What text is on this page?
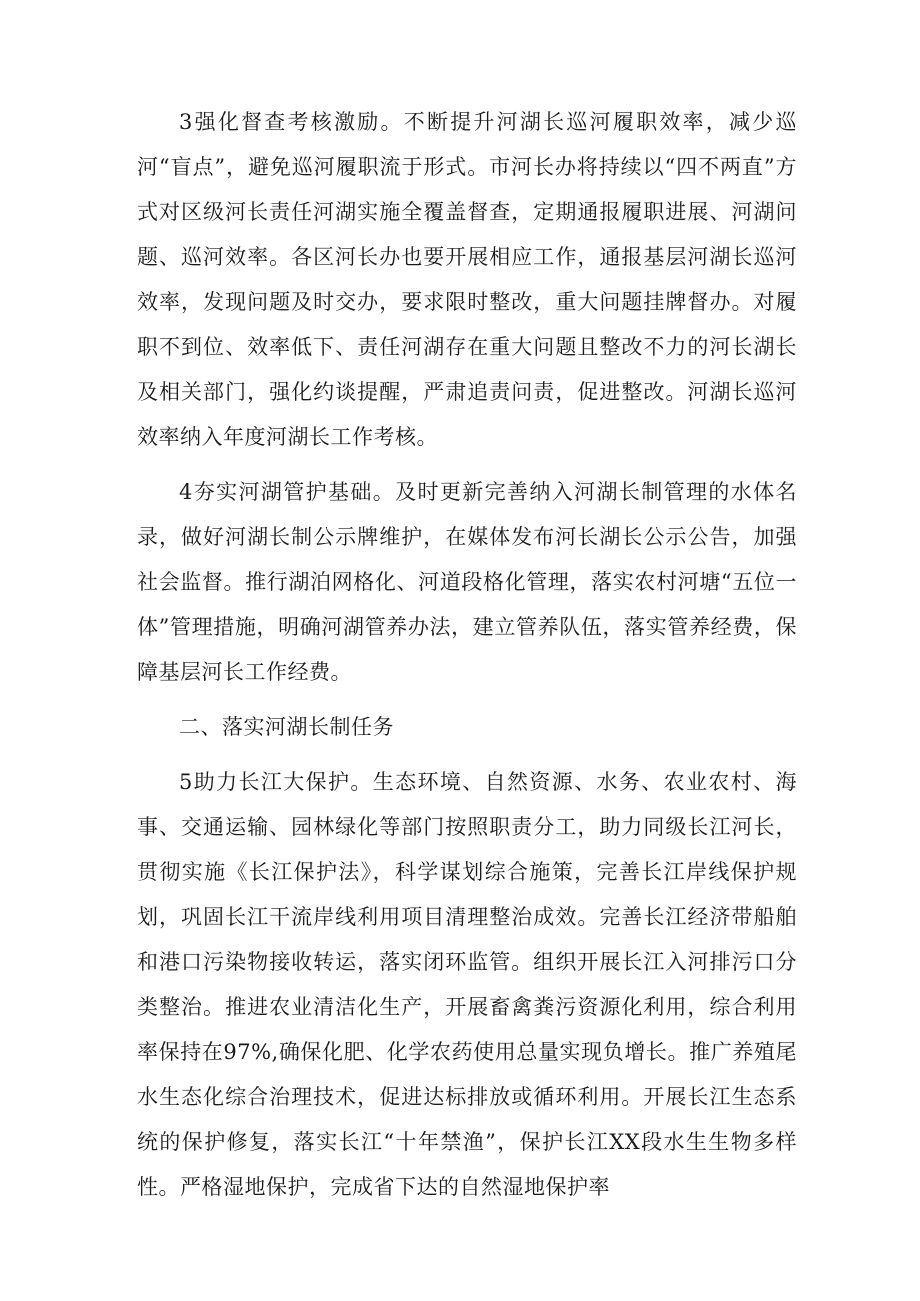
3强化督查考核激励。不断提升河湖长巡河履职效率，减少巡河“盲点”，避免巡河履职流于形式。市河长办将持续以“四不两直”方式对区级河长责任河湖实施全覆盖督查，定期通报履职进展、河湖问题、巡河效率。各区河长办也要开展相应工作，通报基层河湖长巡河效率，发现问题及时交办，要求限时整改，重大问题挂牌督办。对履职不到位、效率低下、责任河湖存在重大问题且整改不力的河长湖长及相关部门，强化约谈提醒，严肃追责问责，促进整改。河湖长巡河效率纳入年度河湖长工作考核。

4夯实河湖管护基础。及时更新完善纳入河湖长制管理的水体名录，做好河湖长制公示牌维护，在媒体发布河长湖长公示公告，加强社会监督。推行湖泊网格化、河道段格化管理，落实农村河塘“五位一体”管理措施，明确河湖管养办法，建立管养队伍，落实管养经费，保障基层河长工作经费。

二、落实河湖长制任务

5助力长江大保护。生态环境、自然资源、水务、农业农村、海事、交通运输、园林绿化等部门按照职责分工，助力同级长江河长，贯彻实施《长江保护法》，科学谋划综合施策，完善长江岸线保护规划，巩固长江干流岸线利用项目清理整治成效。完善长江经济带船舶和港口污染物接收转运，落实闭环监管。组织开展长江入河排污口分类整治。推进农业清洁化生产，开展畜禽粪污资源化利用，综合利用率保持在97%,确保化肥、化学农药使用总量实现负增长。推广养殖尾水生态化综合治理技术，促进达标排放或循环利用。开展长江生态系统的保护修复，落实长江“十年禁渔”，保护长江XX段水生生物多样性。严格湿地保护，完成省下达的自然湿地保护率
